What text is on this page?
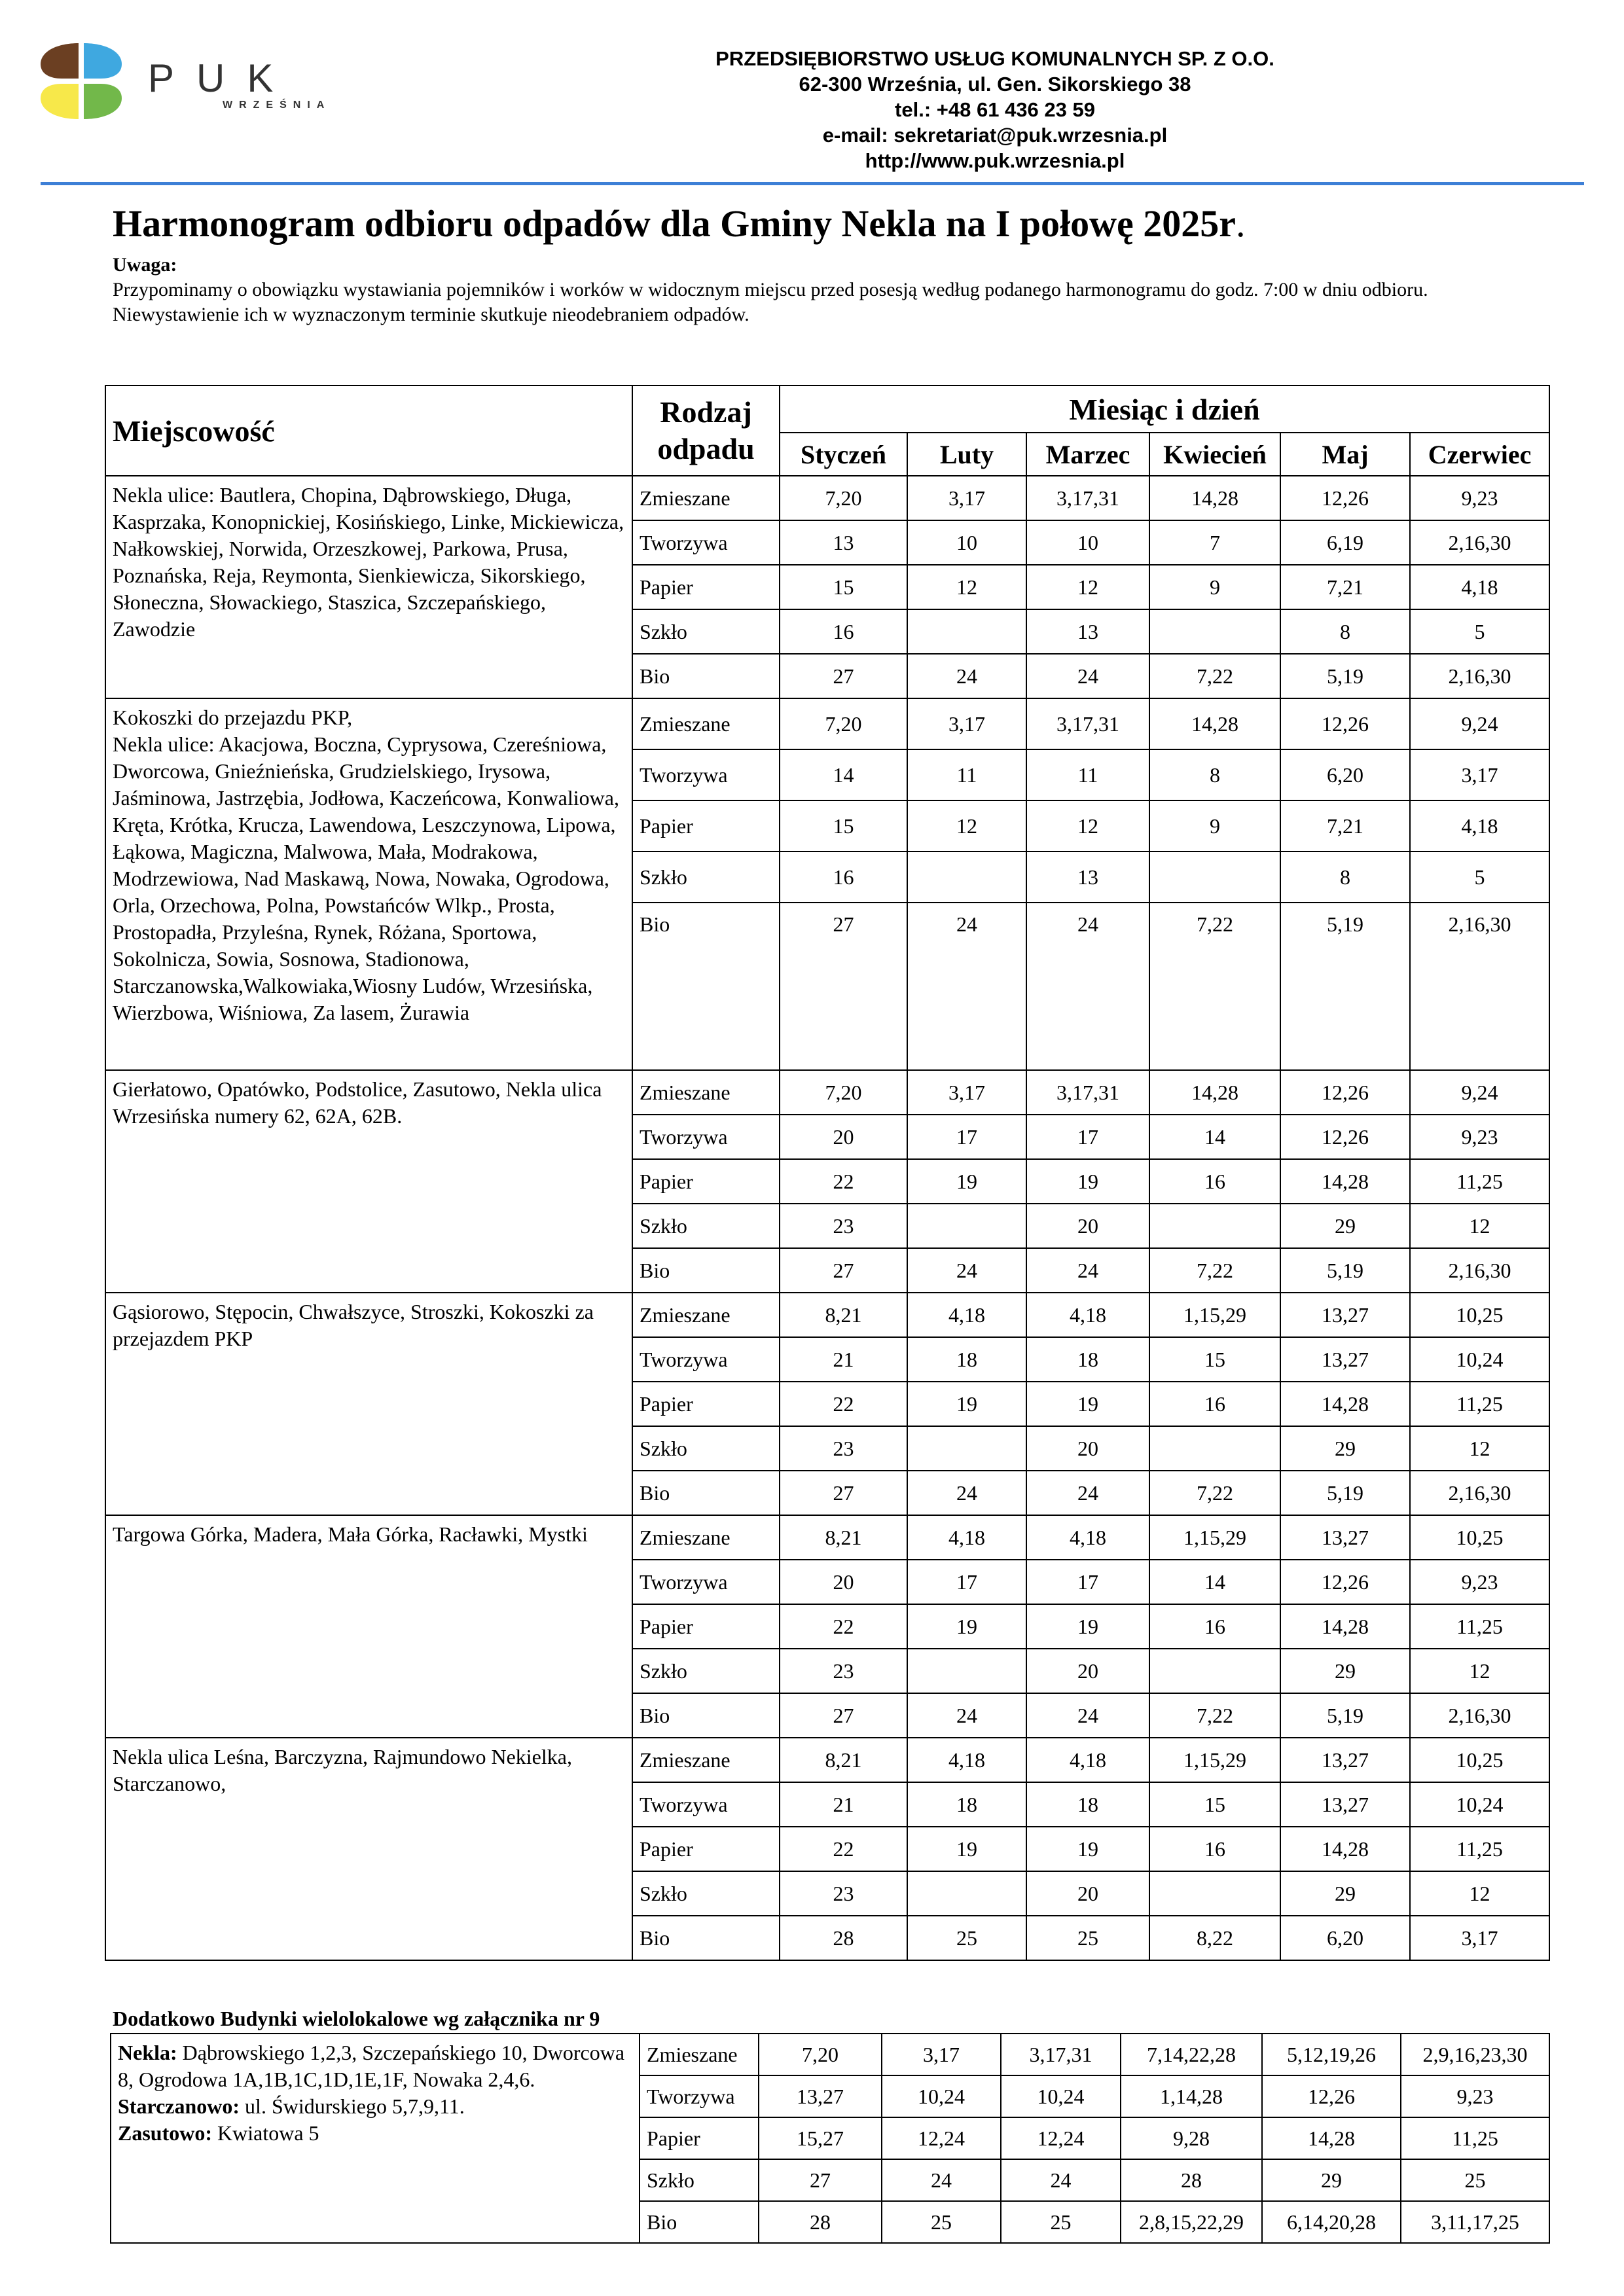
PUK
WRZEŚNIA
PRZEDSIĘBIORSTWO USŁUG KOMUNALNYCH SP. Z O.O.
62-300 Września, ul. Gen. Sikorskiego 38
tel.: +48 61 436 23 59
e-mail: sekretariat@puk.wrzesnia.pl
http://www.puk.wrzesnia.pl
Harmonogram odbioru odpadów dla Gminy Nekla na I połowę 2025r.
Uwaga:
Przypominamy o obowiązku wystawiania pojemników i worków w widocznym miejscu przed posesją według podanego harmonogramu do godz. 7:00 w dniu odbioru.
Niewystawienie ich w wyznaczonym terminie skutkuje nieodebraniem odpadów.
Miejscowość	Rodzaj odpadu	Miesiąc i dzień					
		Styczeń	Luty	Marzec	Kwiecień	Maj	Czerwiec
Nekla ulice: Bautlera, Chopina, Dąbrowskiego, Długa, Kasprzaka, Konopnickiej, Kosińskiego, Linke, Mickiewicza, Nałkowskiej, Norwida, Orzeszkowej, Parkowa, Prusa, Poznańska, Reja, Reymonta, Sienkiewicza, Sikorskiego, Słoneczna, Słowackiego, Staszica, Szczepańskiego, Zawodzie	Zmieszane	7,20	3,17	3,17,31	14,28	12,26	9,23
	Tworzywa	13	10	10	7	6,19	2,16,30
	Papier	15	12	12	9	7,21	4,18
	Szkło	16		13		8	5
	Bio	27	24	24	7,22	5,19	2,16,30
Kokoszki do przejazdu PKP,
Nekla ulice: Akacjowa, Boczna, Cyprysowa, Czereśniowa, Dworcowa, Gnieźnieńska, Grudzielskiego, Irysowa, Jaśminowa, Jastrzębia, Jodłowa, Kaczeńcowa, Konwaliowa, Kręta, Krótka, Krucza, Lawendowa, Leszczynowa, Lipowa, Łąkowa, Magiczna, Malwowa, Mała, Modrakowa, Modrzewiowa, Nad Maskawą, Nowa, Nowaka, Ogrodowa, Orla, Orzechowa, Polna, Powstańców Wlkp., Prosta, Prostopadła, Przyleśna, Rynek, Różana, Sportowa, Sokolnicza, Sowia, Sosnowa, Stadionowa, Starczanowska,Walkowiaka,Wiosny Ludów, Wrzesińska, Wierzbowa, Wiśniowa, Za lasem, Żurawia	Zmieszane	7,20	3,17	3,17,31	14,28	12,26	9,24
	Tworzywa	14	11	11	8	6,20	3,17
	Papier	15	12	12	9	7,21	4,18
	Szkło	16		13		8	5
	Bio	27	24	24	7,22	5,19	2,16,30
Gierłatowo, Opatówko, Podstolice, Zasutowo, Nekla ulica Wrzesińska numery 62, 62A, 62B.	Zmieszane	7,20	3,17	3,17,31	14,28	12,26	9,24
	Tworzywa	20	17	17	14	12,26	9,23
	Papier	22	19	19	16	14,28	11,25
	Szkło	23		20		29	12
	Bio	27	24	24	7,22	5,19	2,16,30
Gąsiorowo, Stępocin, Chwałszyce, Stroszki, Kokoszki za przejazdem PKP	Zmieszane	8,21	4,18	4,18	1,15,29	13,27	10,25
	Tworzywa	21	18	18	15	13,27	10,24
	Papier	22	19	19	16	14,28	11,25
	Szkło	23		20		29	12
	Bio	27	24	24	7,22	5,19	2,16,30
Targowa Górka, Madera, Mała Górka, Racławki, Mystki	Zmieszane	8,21	4,18	4,18	1,15,29	13,27	10,25
	Tworzywa	20	17	17	14	12,26	9,23
	Papier	22	19	19	16	14,28	11,25
	Szkło	23		20		29	12
	Bio	27	24	24	7,22	5,19	2,16,30
Nekla ulica Leśna, Barczyzna, Rajmundowo Nekielka, Starczanowo,	Zmieszane	8,21	4,18	4,18	1,15,29	13,27	10,25
	Tworzywa	21	18	18	15	13,27	10,24
	Papier	22	19	19	16	14,28	11,25
	Szkło	23		20		29	12
	Bio	28	25	25	8,22	6,20	3,17
Dodatkowo Budynki wielolokalowe wg załącznika nr 9
Nekla: Dąbrowskiego 1,2,3, Szczepańskiego 10, Dworcowa 8, Ogrodowa 1A,1B,1C,1D,1E,1F, Nowaka 2,4,6.
Starczanowo: ul. Świdurskiego 5,7,9,11.
Zasutowo: Kwiatowa 5	Zmieszane	7,20	3,17	3,17,31	7,14,22,28	5,12,19,26	2,9,16,23,30
	Tworzywa	13,27	10,24	10,24	1,14,28	12,26	9,23
	Papier	15,27	12,24	12,24	9,28	14,28	11,25
	Szkło	27	24	24	28	29	25
	Bio	28	25	25	2,8,15,22,29	6,14,20,28	3,11,17,25
